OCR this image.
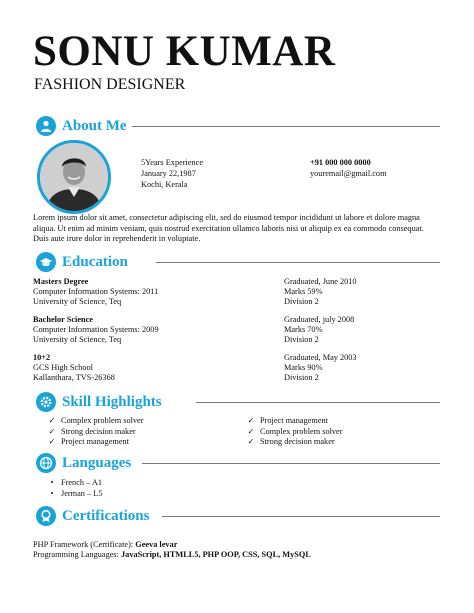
SONU KUMAR
FASHION DESIGNER
About Me
5Years Experience
January 22,1987
Kochi, Kerala
+91 000 000 0000
youremail@gmail.com
Lorem ipsum dolor sit amet, consectetur adipiscing elit, sed do eiusmod tempor incididunt ut labore et dolore magna aliqua. Ut enim ad minim veniam, quis nostrud exercitation ullamco laboris nisi ut aliquip ex ea commodo consequat. Duis aute irure dolor in reprehenderit in voluptate.
Education
Masters Degree
Computer Information Systems: 2011
University of Science, Teq
Graduated, June 2010
Marks 59%
Division 2
Bachelor Science
Computer Information Systems: 2009
University of Science, Teq
Graduated, july 2008
Marks 70%
Division 2
10+2
GCS High School
Kallanthara, TVS-26368
Graduated, May 2003
Marks 90%
Division 2
Skill Highlights
✓ Complex problem solver
✓ Strong decision maker
✓ Project management
✓ Project management
✓ Complex problem solver
✓ Strong decision maker
Languages
• French – A1
• Jerman – L5
Certifications
PHP Framework (Certificate): Geeva levar
Programming Languages: JavaScript, HTMLL5, PHP OOP, CSS, SQL, MySQL
